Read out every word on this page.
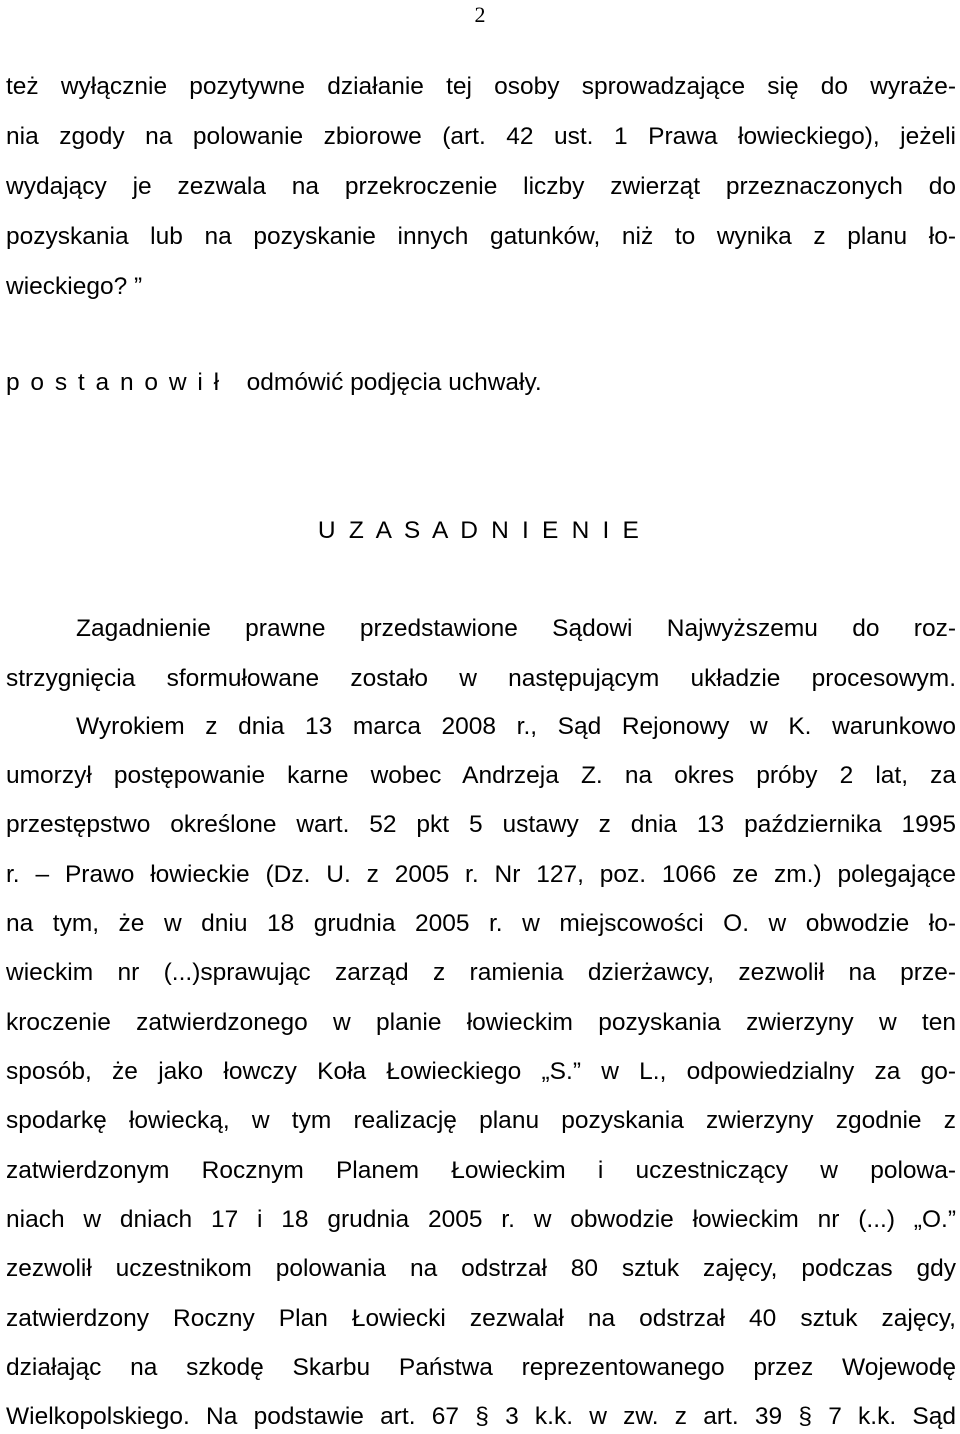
2
też wyłącznie pozytywne działanie tej osoby sprowadzające się do wyraże-
nia zgody na polowanie zbiorowe (art. 42 ust. 1 Prawa łowieckiego), jeżeli
wydający je zezwala na przekroczenie liczby zwierząt przeznaczonych do
pozyskania lub na pozyskanie innych gatunków, niż to wynika z planu ło-
wieckiego? ”
p o s t a n o w i ł odmówić podjęcia uchwały.
U Z A S A D N I E N I E
Zagadnienie prawne przedstawione Sądowi Najwyższemu do roz-
strzygnięcia sformułowane zostało w następującym układzie procesowym.
Wyrokiem z dnia 13 marca 2008 r., Sąd Rejonowy w K. warunkowo
umorzył postępowanie karne wobec Andrzeja Z. na okres próby 2 lat, za
przestępstwo określone wart. 52 pkt 5 ustawy z dnia 13 października 1995
r. – Prawo łowieckie (Dz. U. z 2005 r. Nr 127, poz. 1066 ze zm.) polegające
na tym, że w dniu 18 grudnia 2005 r. w miejscowości O. w obwodzie ło-
wieckim nr (...)sprawując zarząd z ramienia dzierżawcy, zezwolił na prze-
kroczenie zatwierdzonego w planie łowieckim pozyskania zwierzyny w ten
sposób, że jako łowczy Koła Łowieckiego „S.” w L., odpowiedzialny za go-
spodarkę łowiecką, w tym realizację planu pozyskania zwierzyny zgodnie z
zatwierdzonym Rocznym Planem Łowieckim i uczestniczący w polowa-
niach w dniach 17 i 18 grudnia 2005 r. w obwodzie łowieckim nr (...) „O.”
zezwolił uczestnikom polowania na odstrzał 80 sztuk zajęcy, podczas gdy
zatwierdzony Roczny Plan Łowiecki zezwalał na odstrzał 40 sztuk zajęcy,
działając na szkodę Skarbu Państwa reprezentowanego przez Wojewodę
Wielkopolskiego. Na podstawie art. 67 § 3 k.k. w zw. z art. 39 § 7 k.k. Sąd
